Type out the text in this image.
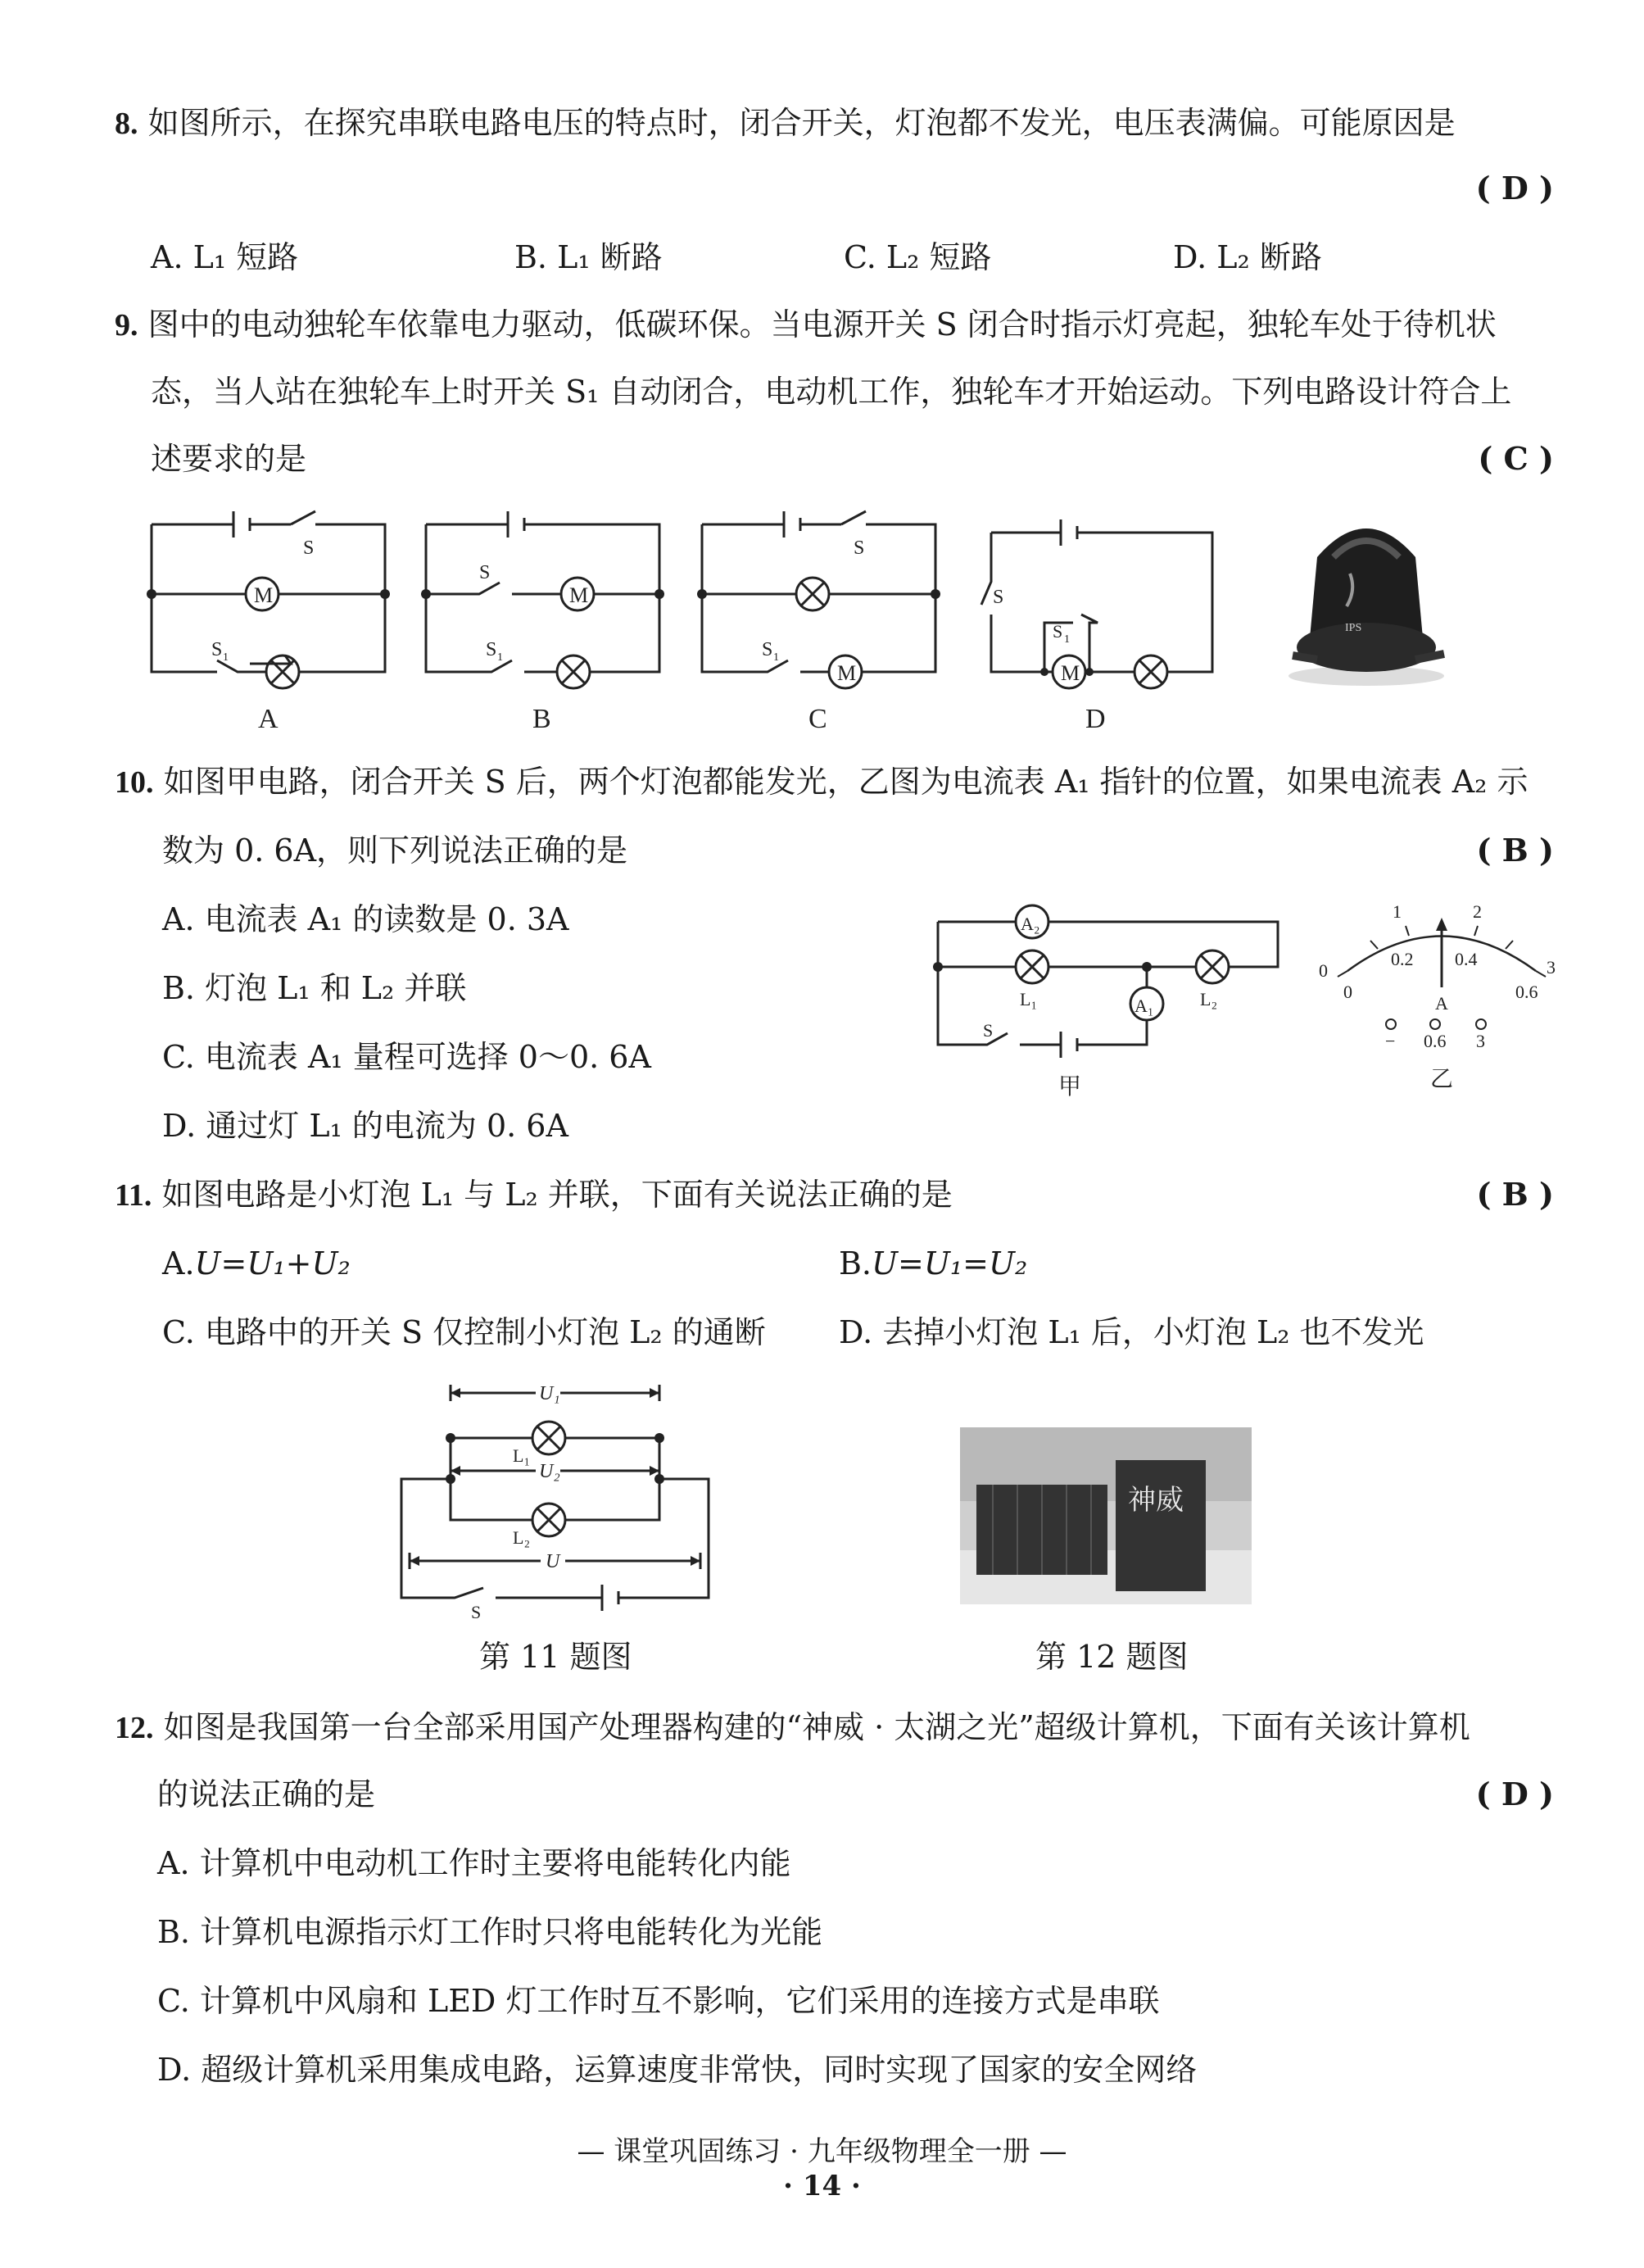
8. 如图所示，在探究串联电路电压的特点时，闭合开关，灯泡都不发光，电压表满偏。可能原因是
( D )
A. L₁ 短路	B. L₁ 断路	C. L₂ 短路	D. L₂ 断路
9. 图中的电动独轮车依靠电力驱动，低碳环保。当电源开关 S 闭合时指示灯亮起，独轮车处于待机状
态，当人站在独轮车上时开关 S₁ 自动闭合，电动机工作，独轮车才开始运动。下列电路设计符合上
述要求的是	( C )
M
S
S 1
A
M
S
S 1
B
M
S
S 1
C
M
S
S 1
D
IPS
10. 如图甲电路，闭合开关 S 后，两个灯泡都能发光，乙图为电流表 A₁ 指针的位置，如果电流表 A₂ 示
数为 0. 6A，则下列说法正确的是	( B )
A. 电流表 A₁ 的读数是 0. 3A
B. 灯泡 L₁ 和 L₂ 并联
C. 电流表 A₁ 量程可选择 0～0. 6A
D. 通过灯 L₁ 的电流为 0. 6A
A₂
A₁
L₁	L₂
S
甲
0
1	2
3
0
0.2 0.4
0.6
A
− 0.6 3
乙
11. 如图电路是小灯泡 L₁ 与 L₂ 并联，下面有关说法正确的是	( B )
A.U=U₁+U₂	B.U=U₁=U₂
C. 电路中的开关 S 仅控制小灯泡 L₂ 的通断 D. 去掉小灯泡 L₁ 后，小灯泡 L₂ 也不发光
U₁
U₂
U
L₁
L₂
S
第 11 题图
神威
第 12 题图
12. 如图是我国第一台全部采用国产处理器构建的“神威 · 太湖之光”超级计算机，下面有关该计算机
的说法正确的是	( D )
A. 计算机中电动机工作时主要将电能转化内能
B. 计算机电源指示灯工作时只将电能转化为光能
C. 计算机中风扇和 LED 灯工作时互不影响，它们采用的连接方式是串联
D. 超级计算机采用集成电路，运算速度非常快，同时实现了国家的安全网络
— 课堂巩固练习 · 九年级物理全一册 —
· 14 ·
